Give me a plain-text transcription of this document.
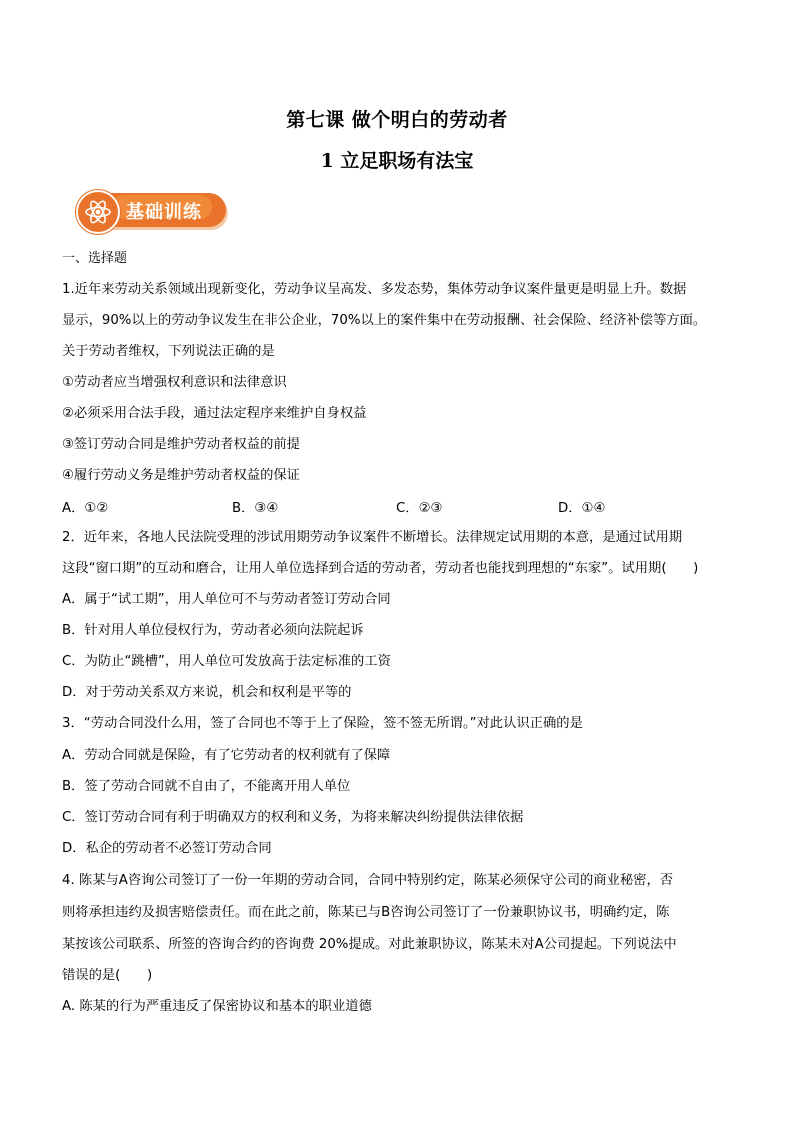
第七课 做个明白的劳动者
1 立足职场有法宝
基础训练
一、选择题
1.近年来劳动关系领域出现新变化，劳动争议呈高发、多发态势，集体劳动争议案件量更是明显上升。数据
显示，90%以上的劳动争议发生在非公企业，70%以上的案件集中在劳动报酬、社会保险、经济补偿等方面。
关于劳动者维权，下列说法正确的是
①劳动者应当增强权利意识和法律意识
②必须采用合法手段，通过法定程序来维护自身权益
③签订劳动合同是维护劳动者权益的前提
④履行劳动义务是维护劳动者权益的保证
A．①②	B．③④	C．②③	D．①④
2．近年来，各地人民法院受理的涉试用期劳动争议案件不断增长。法律规定试用期的本意，是通过试用期
这段“窗口期”的互动和磨合，让用人单位选择到合适的劳动者，劳动者也能找到理想的“东家”。试用期(　　)
A．属于“试工期”，用人单位可不与劳动者签订劳动合同
B．针对用人单位侵权行为，劳动者必须向法院起诉
C．为防止“跳槽”，用人单位可发放高于法定标准的工资
D．对于劳动关系双方来说，机会和权利是平等的
3．“劳动合同没什么用，签了合同也不等于上了保险，签不签无所谓。”对此认识正确的是
A．劳动合同就是保险，有了它劳动者的权利就有了保障
B．签了劳动合同就不自由了，不能离开用人单位
C．签订劳动合同有利于明确双方的权利和义务，为将来解决纠纷提供法律依据
D．私企的劳动者不必签订劳动合同
4. 陈某与A咨询公司签订了一份一年期的劳动合同，合同中特别约定，陈某必须保守公司的商业秘密，否
则将承担违约及损害赔偿责任。而在此之前，陈某已与B咨询公司签订了一份兼职协议书，明确约定，陈
某按该公司联系、所签的咨询合约的咨询费 20%提成。对此兼职协议，陈某未对A公司提起。下列说法中
错误的是(　　)
A. 陈某的行为严重违反了保密协议和基本的职业道德
